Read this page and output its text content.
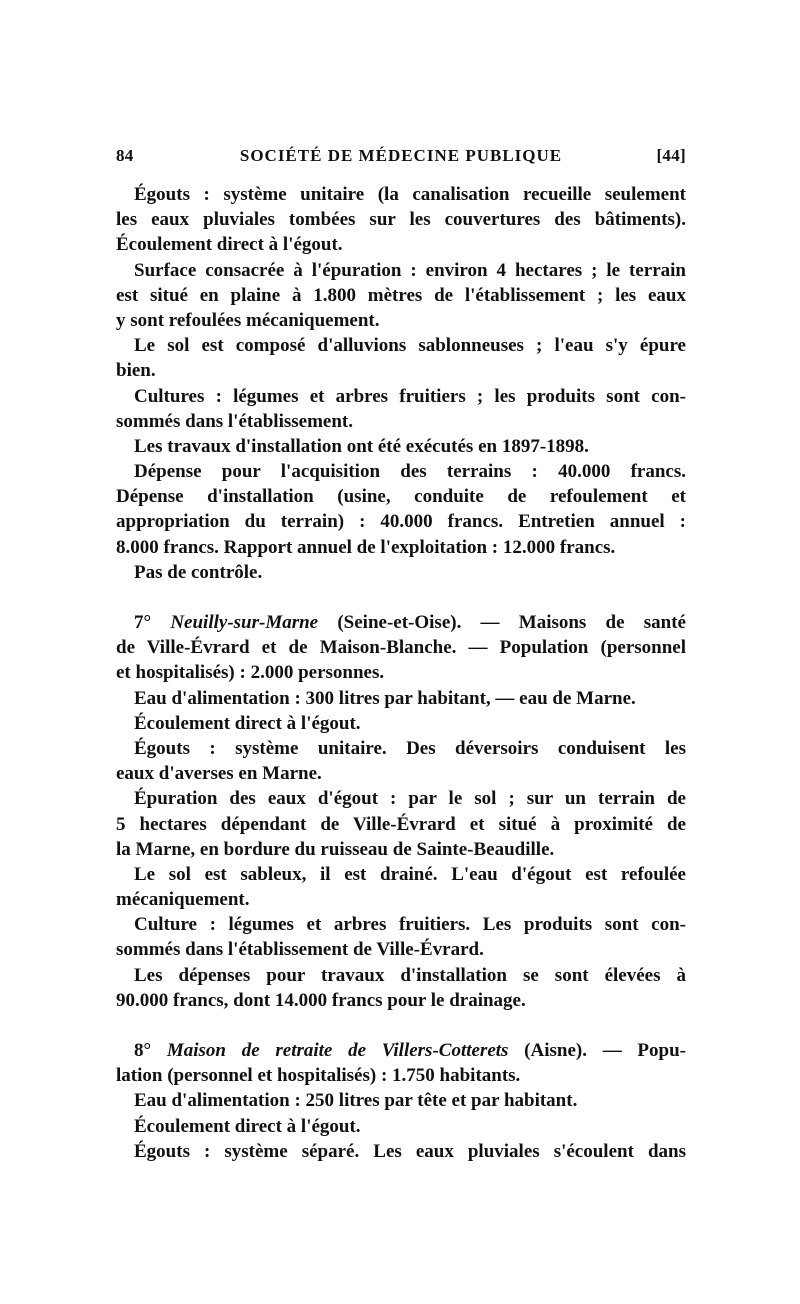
84	SOCIÉTÉ DE MÉDECINE PUBLIQUE	[44]
Égouts : système unitaire (la canalisation recueille seulement
les eaux pluviales tombées sur les couvertures des bâtiments).
Écoulement direct à l'égout.
Surface consacrée à l'épuration : environ 4 hectares ; le terrain
est situé en plaine à 1.800 mètres de l'établissement ; les eaux
y sont refoulées mécaniquement.
Le sol est composé d'alluvions sablonneuses ; l'eau s'y épure
bien.
Cultures : légumes et arbres fruitiers ; les produits sont con-
sommés dans l'établissement.
Les travaux d'installation ont été exécutés en 1897-1898.
Dépense pour l'acquisition des terrains : 40.000 francs.
Dépense d'installation (usine, conduite de refoulement et
appropriation du terrain) : 40.000 francs. Entretien annuel :
8.000 francs. Rapport annuel de l'exploitation : 12.000 francs.
Pas de contrôle.
7° Neuilly-sur-Marne (Seine-et-Oise). — Maisons de santé
de Ville-Évrard et de Maison-Blanche. — Population (personnel
et hospitalisés) : 2.000 personnes.
Eau d'alimentation : 300 litres par habitant, — eau de Marne.
Écoulement direct à l'égout.
Égouts : système unitaire. Des déversoirs conduisent les
eaux d'averses en Marne.
Épuration des eaux d'égout : par le sol ; sur un terrain de
5 hectares dépendant de Ville-Évrard et situé à proximité de
la Marne, en bordure du ruisseau de Sainte-Beaudille.
Le sol est sableux, il est drainé. L'eau d'égout est refoulée
mécaniquement.
Culture : légumes et arbres fruitiers. Les produits sont con-
sommés dans l'établissement de Ville-Évrard.
Les dépenses pour travaux d'installation se sont élevées à
90.000 francs, dont 14.000 francs pour le drainage.
8° Maison de retraite de Villers-Cotterets (Aisne). — Popu-
lation (personnel et hospitalisés) : 1.750 habitants.
Eau d'alimentation : 250 litres par tête et par habitant.
Écoulement direct à l'égout.
Égouts : système séparé. Les eaux pluviales s'écoulent dans
